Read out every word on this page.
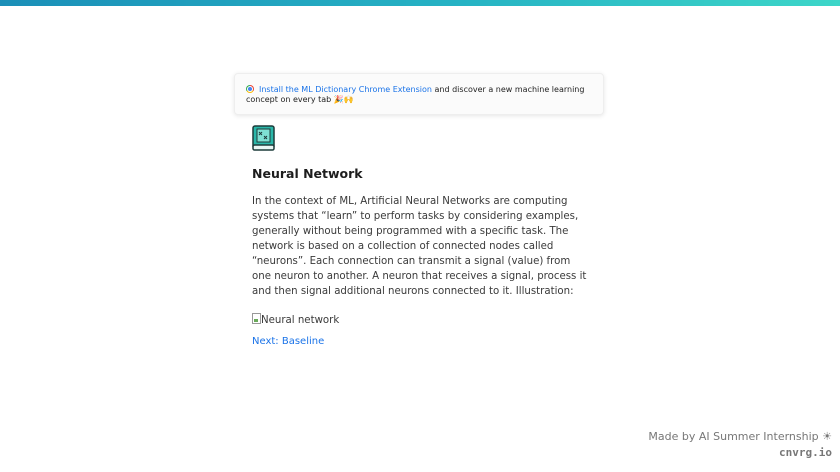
Install the ML Dictionary Chrome Extension and discover a new machine learning concept on every tab 🎉🙌
Neural Network

In the context of ML, Artificial Neural Networks are computing systems that “learn” to perform tasks by considering examples, generally without being programmed with a specific task. The network is based on a collection of connected nodes called “neurons”. Each connection can transmit a signal (value) from one neuron to another. A neuron that receives a signal, process it and then signal additional neurons connected to it. Illustration:

Neural network
Next: Baseline
Made by AI Summer Internship ☀
cnvrg.io
